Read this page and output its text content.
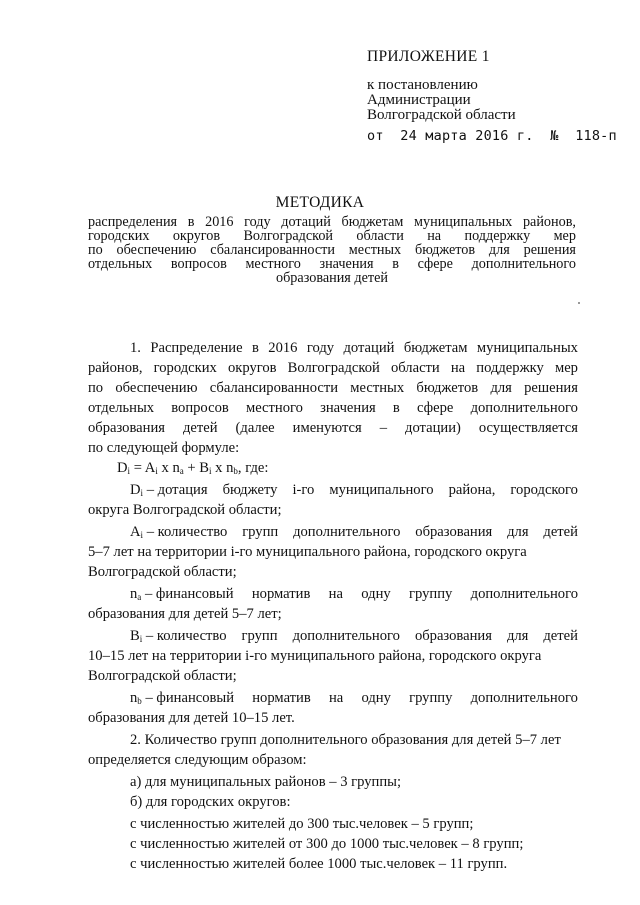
ПРИЛОЖЕНИЕ 1
к постановлению
Администрации
Волгоградской области
от  24 марта 2016 г.  №  118-п
МЕТОДИКА
распределения в 2016 году дотаций бюджетам муниципальных районов,
городских округов Волгоградской области на поддержку мер
по обеспечению сбалансированности местных бюджетов для решения
отдельных вопросов местного значения в сфере дополнительного
образования детей
1. Распределение в 2016 году дотаций бюджетам муниципальных
районов, городских округов Волгоградской области на поддержку мер
по обеспечению сбалансированности местных бюджетов для решения
отдельных вопросов местного значения в сфере дополнительного
образования детей (далее именуются – дотации) осуществляется
по следующей формуле:
$D_i = A_i$ x $n_a + B_i$ x $n_b$, где:
$D_i$ – дотация бюджету i-го муниципального района, городского
округа Волгоградской области;
$A_i$ – количество групп дополнительного образования для детей
5–7 лет на территории i-го муниципального района, городского округа
Волгоградской области;
$n_a$ – финансовый норматив на одну группу дополнительного
образования для детей 5–7 лет;
$B_i$ – количество групп дополнительного образования для детей
10–15 лет на территории i-го муниципального района, городского округа
Волгоградской области;
$n_b$ – финансовый норматив на одну группу дополнительного
образования для детей 10–15 лет.
2. Количество групп дополнительного образования для детей 5–7 лет
определяется следующим образом:
а) для муниципальных районов – 3 группы;
б) для городских округов:
с численностью жителей до 300 тыс.человек – 5 групп;
с численностью жителей от 300 до 1000 тыс.человек – 8 групп;
с численностью жителей более 1000 тыс.человек – 11 групп.
